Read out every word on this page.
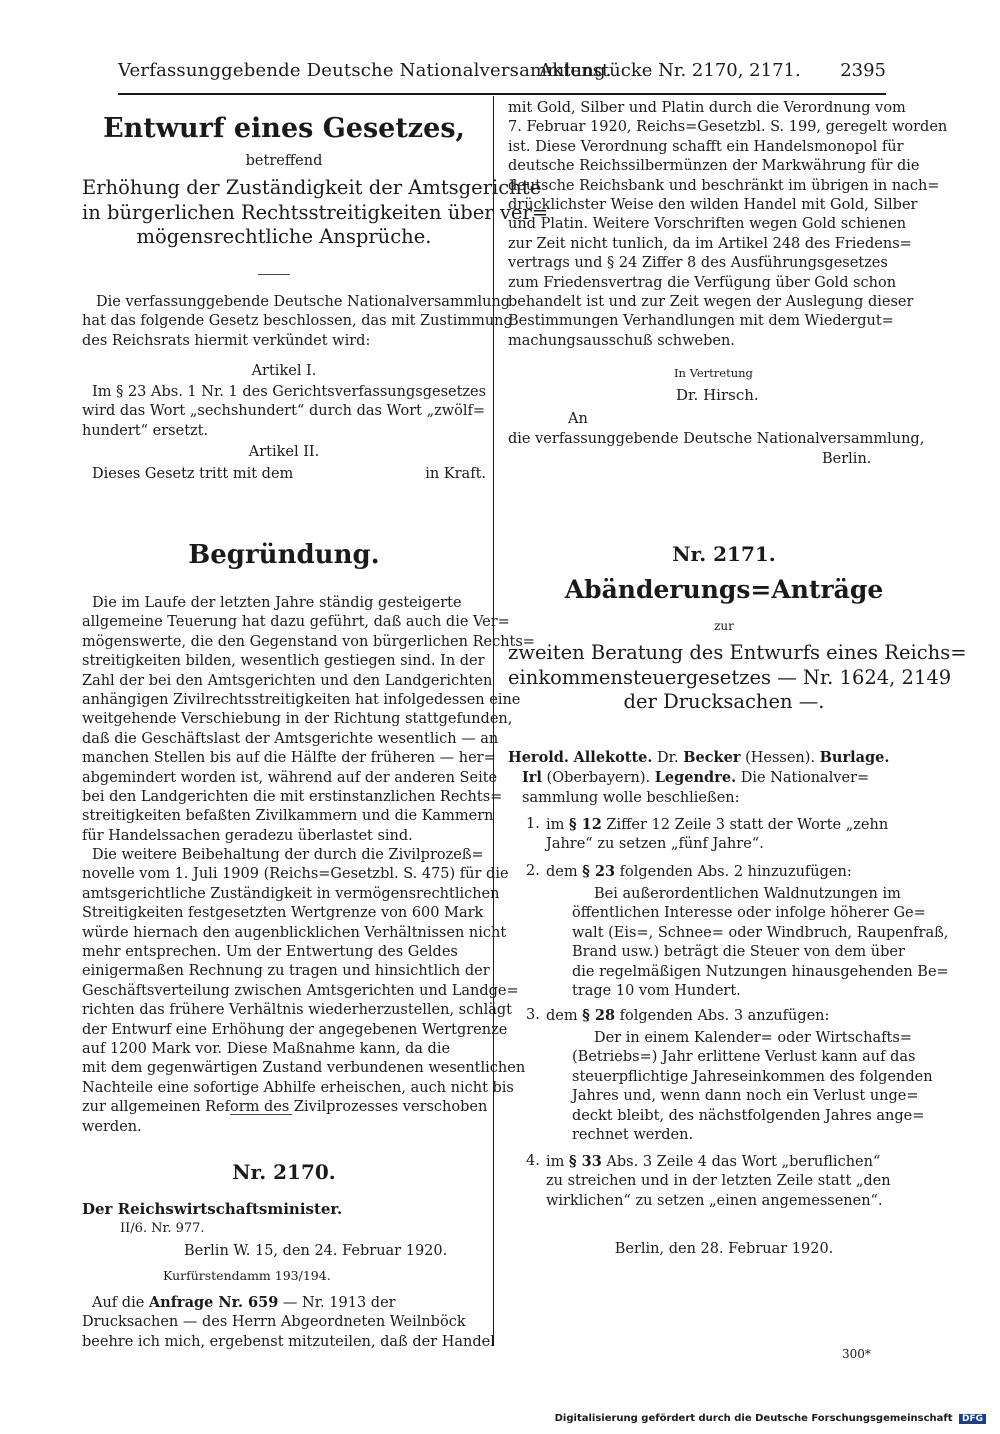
Verfassunggebende Deutsche Nationalversammlung.
Aktenstücke Nr. 2170, 2171. 2395
Entwurf eines Gesetzes,
betreffend
Erhöhung der Zuständigkeit der Amtsgerichte
in bürgerlichen Rechtsstreitigkeiten über ver=
mögensrechtliche Ansprüche.
Die verfassunggebende Deutsche Nationalversammlung
hat das folgende Gesetz beschlossen, das mit Zustimmung
des Reichsrats hiermit verkündet wird:
Artikel I.
Im § 23 Abs. 1 Nr. 1 des Gerichtsverfassungsgesetzes
wird das Wort „sechshundert“ durch das Wort „zwölf=
hundert“ ersetzt.
Artikel II.
Dieses Gesetz tritt mit dem	in Kraft.
Begründung.
Die im Laufe der letzten Jahre ständig gesteigerte
allgemeine Teuerung hat dazu geführt, daß auch die Ver=
mögenswerte, die den Gegenstand von bürgerlichen Rechts=
streitigkeiten bilden, wesentlich gestiegen sind. In der
Zahl der bei den Amtsgerichten und den Landgerichten
anhängigen Zivilrechtsstreitigkeiten hat infolgedessen eine
weitgehende Verschiebung in der Richtung stattgefunden,
daß die Geschäftslast der Amtsgerichte wesentlich — an
manchen Stellen bis auf die Hälfte der früheren — her=
abgemindert worden ist, während auf der anderen Seite
bei den Landgerichten die mit erstinstanzlichen Rechts=
streitigkeiten befaßten Zivilkammern und die Kammern
für Handelssachen geradezu überlastet sind.
Die weitere Beibehaltung der durch die Zivilprozeß=
novelle vom 1. Juli 1909 (Reichs=Gesetzbl. S. 475) für die
amtsgerichtliche Zuständigkeit in vermögensrechtlichen
Streitigkeiten festgesetzten Wertgrenze von 600 Mark
würde hiernach den augenblicklichen Verhältnissen nicht
mehr entsprechen. Um der Entwertung des Geldes
einigermaßen Rechnung zu tragen und hinsichtlich der
Geschäftsverteilung zwischen Amtsgerichten und Landge=
richten das frühere Verhältnis wiederherzustellen, schlägt
der Entwurf eine Erhöhung der angegebenen Wertgrenze
auf 1200 Mark vor. Diese Maßnahme kann, da die
mit dem gegenwärtigen Zustand verbundenen wesentlichen
Nachteile eine sofortige Abhilfe erheischen, auch nicht bis
zur allgemeinen Reform des Zivilprozesses verschoben
werden.
Nr. 2170.
Der Reichswirtschaftsminister.
II/6. Nr. 977.
Berlin W. 15, den 24. Februar 1920.
Kurfürstendamm 193/194.
Auf die Anfrage Nr. 659 — Nr. 1913 der
Drucksachen — des Herrn Abgeordneten Weilnböck
beehre ich mich, ergebenst mitzuteilen, daß der Handel
mit Gold, Silber und Platin durch die Verordnung vom
7. Februar 1920, Reichs=Gesetzbl. S. 199, geregelt worden
ist. Diese Verordnung schafft ein Handelsmonopol für
deutsche Reichssilbermünzen der Markwährung für die
deutsche Reichsbank und beschränkt im übrigen in nach=
drücklichster Weise den wilden Handel mit Gold, Silber
und Platin. Weitere Vorschriften wegen Gold schienen
zur Zeit nicht tunlich, da im Artikel 248 des Friedens=
vertrags und § 24 Ziffer 8 des Ausführungsgesetzes
zum Friedensvertrag die Verfügung über Gold schon
behandelt ist und zur Zeit wegen der Auslegung dieser
Bestimmungen Verhandlungen mit dem Wiedergut=
machungsausschuß schweben.
In Vertretung
Dr. Hirsch.
An
die verfassunggebende Deutsche Nationalversammlung,
Berlin.
Nr. 2171.
Abänderungs=Anträge
zur
zweiten Beratung des Entwurfs eines Reichs=
einkommensteuergesetzes — Nr. 1624, 2149
der Drucksachen —.
Herold. Allekotte. Dr. Becker (Hessen). Burlage.
Irl (Oberbayern). Legendre. Die Nationalver=
sammlung wolle beschließen:
1. im § 12 Ziffer 12 Zeile 3 statt der Worte „zehn
Jahre“ zu setzen „fünf Jahre“.
2. dem § 23 folgenden Abs. 2 hinzuzufügen:
Bei außerordentlichen Waldnutzungen im
öffentlichen Interesse oder infolge höherer Ge=
walt (Eis=, Schnee= oder Windbruch, Raupenfraß,
Brand usw.) beträgt die Steuer von dem über
die regelmäßigen Nutzungen hinausgehenden Be=
trage 10 vom Hundert.
3. dem § 28 folgenden Abs. 3 anzufügen:
Der in einem Kalender= oder Wirtschafts=
(Betriebs=) Jahr erlittene Verlust kann auf das
steuerpflichtige Jahreseinkommen des folgenden
Jahres und, wenn dann noch ein Verlust unge=
deckt bleibt, des nächstfolgenden Jahres ange=
rechnet werden.
4. im § 33 Abs. 3 Zeile 4 das Wort „beruflichen“
zu streichen und in der letzten Zeile statt „den
wirklichen“ zu setzen „einen angemessenen“.
Berlin, den 28. Februar 1920.
300*
Digitalisierung gefördert durch die Deutsche Forschungsgemeinschaft DFG
